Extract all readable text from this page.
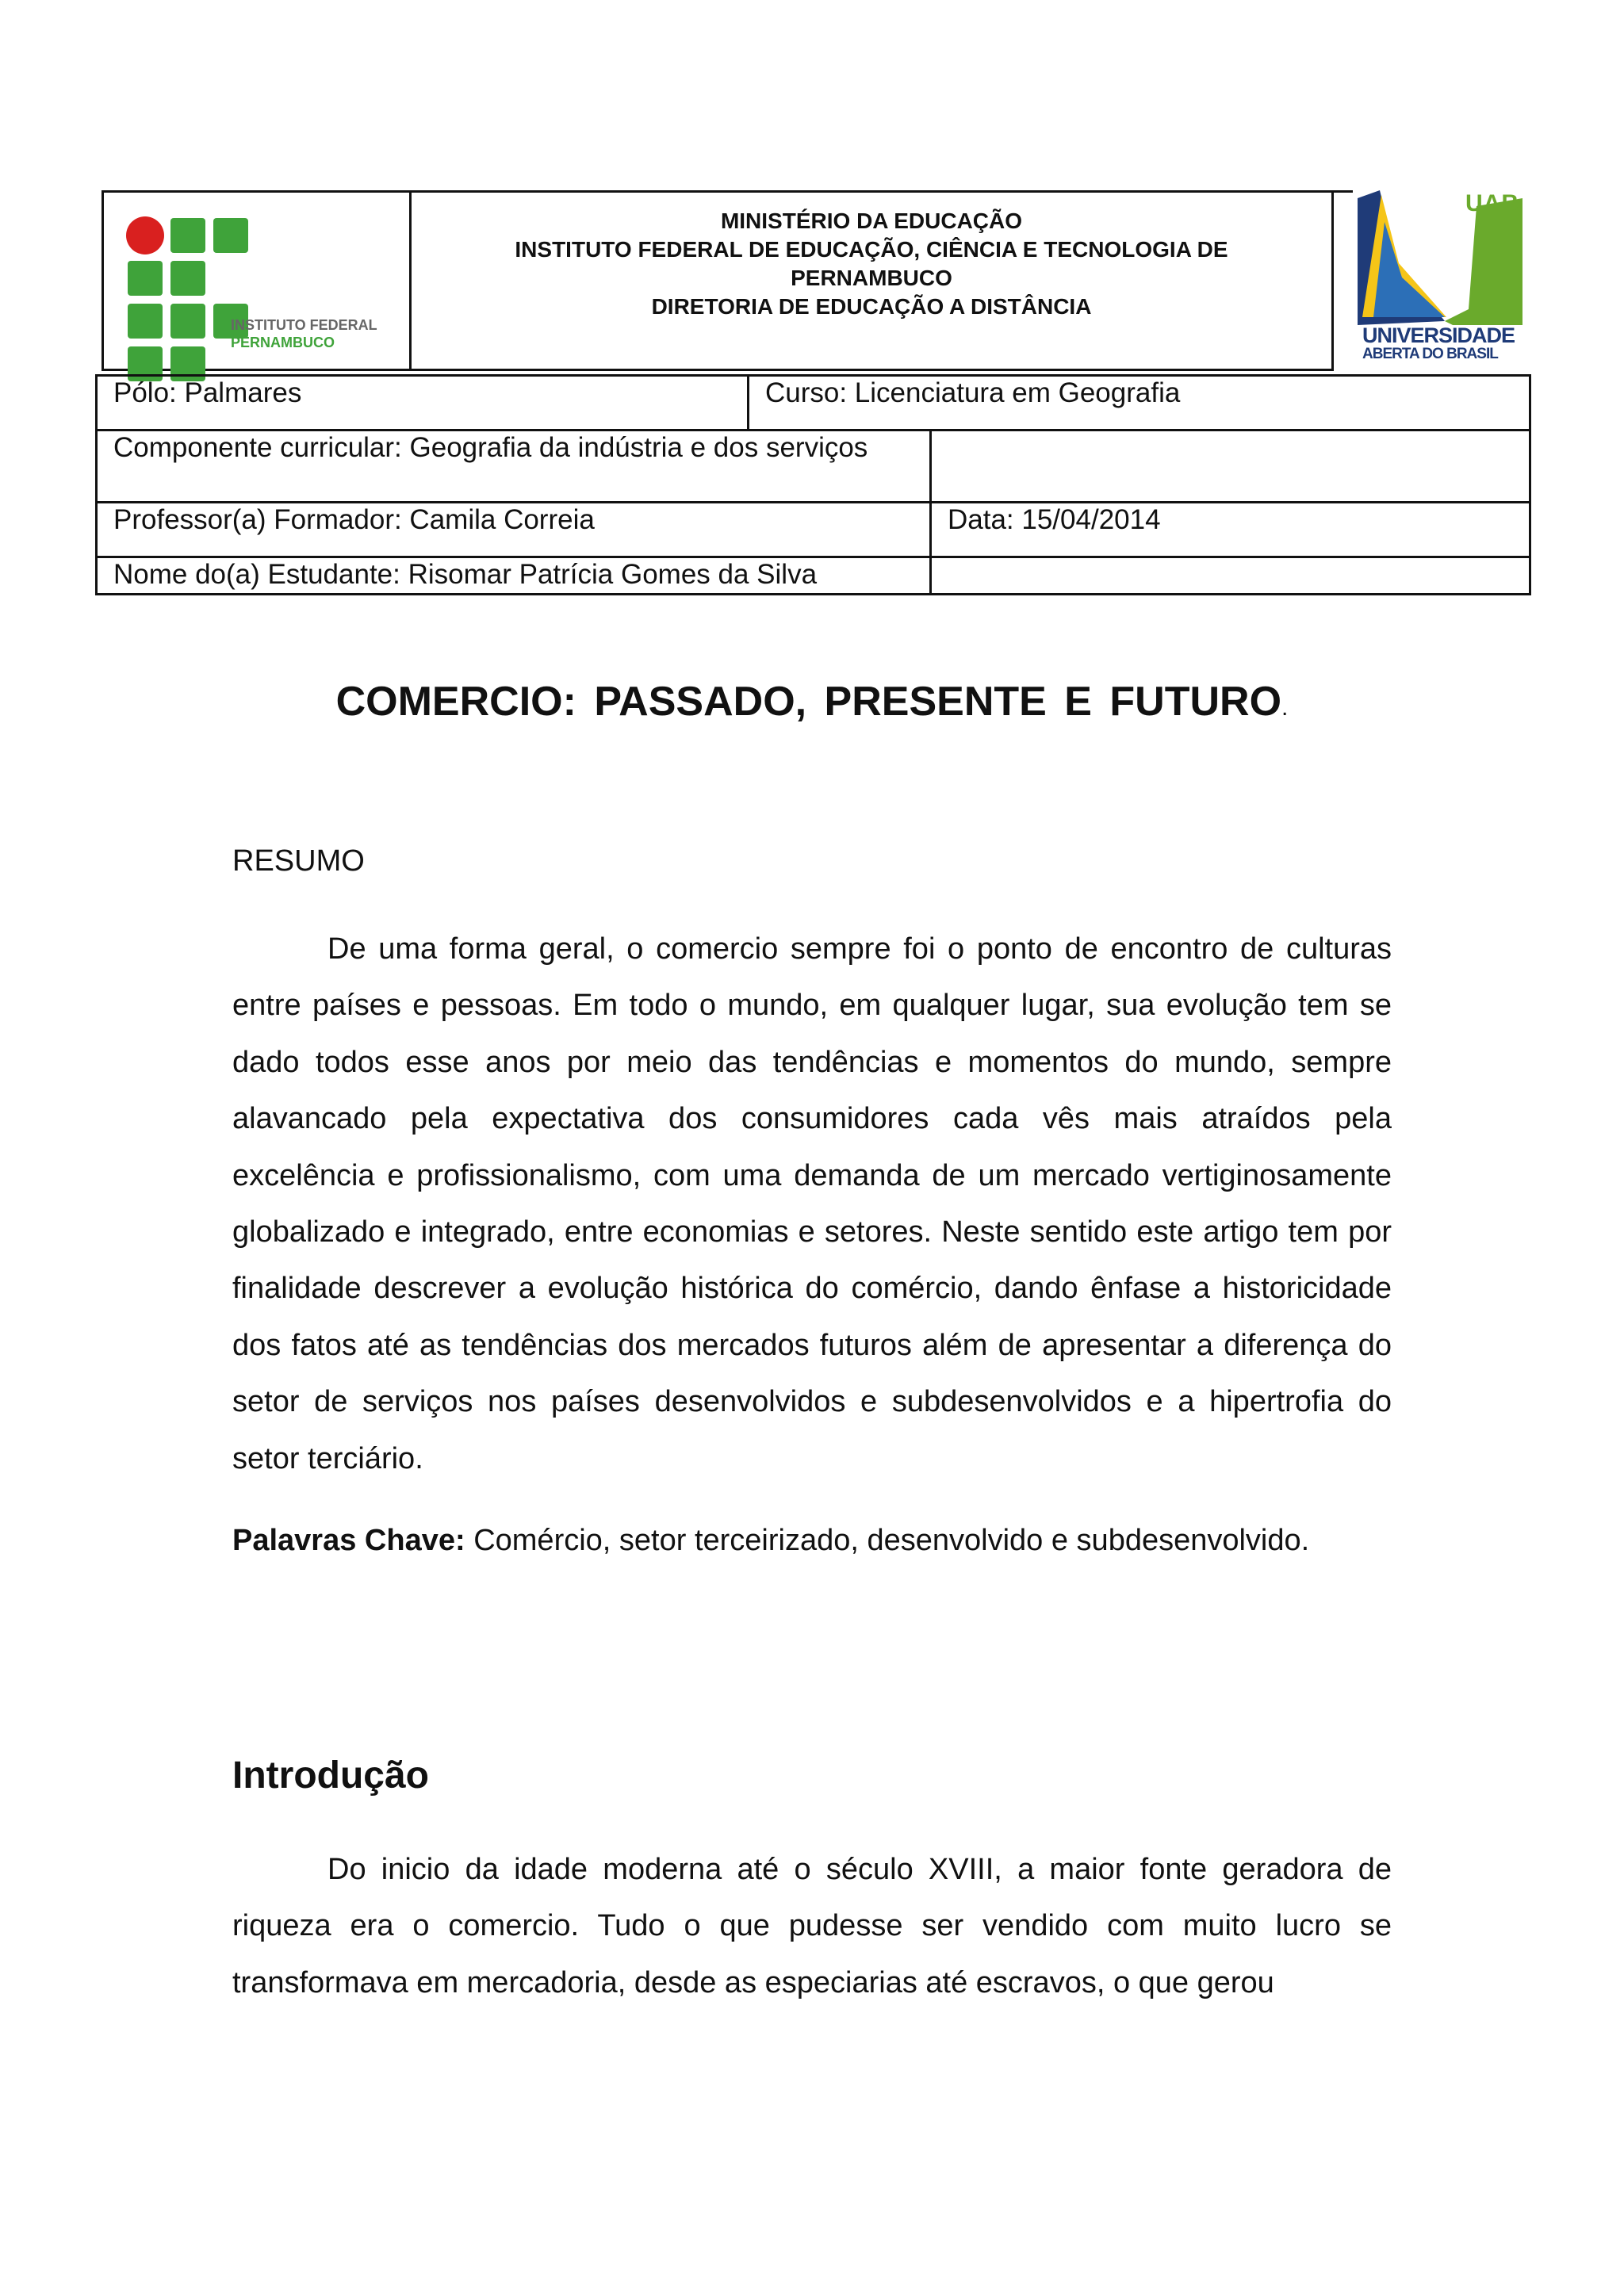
INSTITUTO FEDERAL
PERNAMBUCO
MINISTÉRIO DA EDUCAÇÃO
INSTITUTO FEDERAL DE EDUCAÇÃO, CIÊNCIA E TECNOLOGIA DE
PERNAMBUCO
DIRETORIA DE EDUCAÇÃO A DISTÂNCIA
UAB
UNIVERSIDADE
ABERTA DO BRASIL
Pólo: Palmares	Curso: Licenciatura em Geografia	
Componente curricular: Geografia da indústria e dos serviços		
Professor(a) Formador: Camila Correia		Data: 15/04/2014
Nome do(a) Estudante: Risomar Patrícia Gomes da Silva		
COMERCIO: PASSADO, PRESENTE E FUTURO.
RESUMO
De uma forma geral, o comercio sempre foi o ponto de encontro de culturas entre países e pessoas. Em todo o mundo, em qualquer lugar, sua evolução tem se dado todos esse anos por meio das tendências e momentos do mundo, sempre alavancado pela expectativa dos consumidores cada vês mais atraídos pela excelência e profissionalismo, com uma demanda de um mercado vertiginosamente globalizado e integrado, entre economias e setores. Neste sentido este artigo tem por finalidade descrever a evolução histórica do comércio, dando ênfase a historicidade dos fatos até as tendências dos mercados futuros além de apresentar a diferença do setor de serviços nos países desenvolvidos e subdesenvolvidos e a hipertrofia do setor terciário.
Palavras Chave: Comércio, setor terceirizado, desenvolvido e subdesenvolvido.
Introdução
Do inicio da idade moderna até o século XVIII, a maior fonte geradora de riqueza era o comercio. Tudo o que pudesse ser vendido com muito lucro se transformava em mercadoria, desde as especiarias até escravos, o que gerou
